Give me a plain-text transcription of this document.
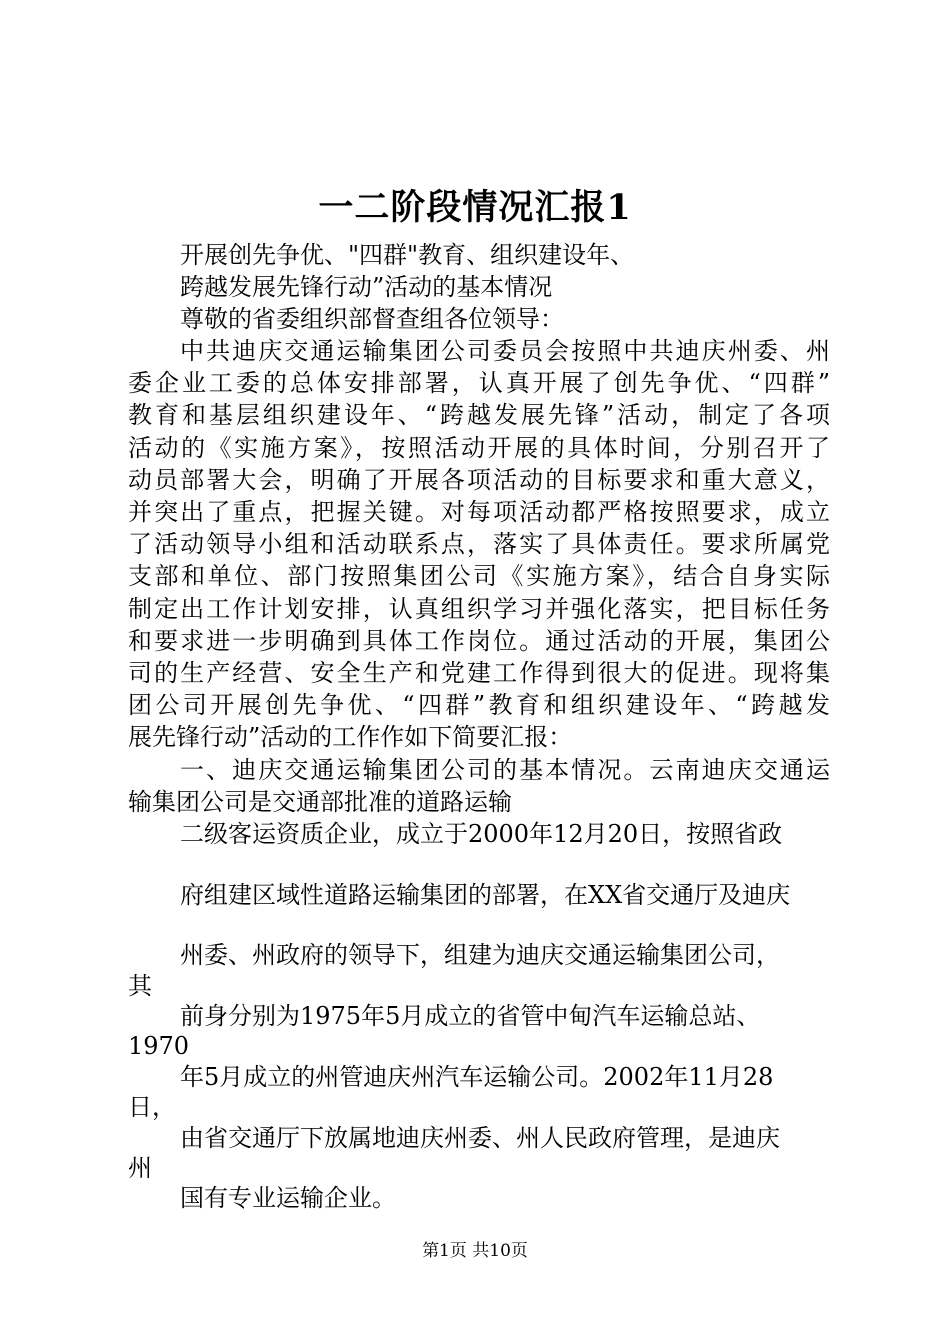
一二阶段情况汇报1
开展创先争优、"四群"教育、组织建设年、
跨越发展先锋行动”活动的基本情况
尊敬的省委组织部督查组各位领导：
中共迪庆交通运输集团公司委员会按照中共迪庆州委、州
委企业工委的总体安排部署，认真开展了创先争优、“四群”
教育和基层组织建设年、“跨越发展先锋”活动，制定了各项
活动的《实施方案》，按照活动开展的具体时间，分别召开了
动员部署大会，明确了开展各项活动的目标要求和重大意义，
并突出了重点，把握关键。对每项活动都严格按照要求，成立
了活动领导小组和活动联系点，落实了具体责任。要求所属党
支部和单位、部门按照集团公司《实施方案》，结合自身实际
制定出工作计划安排，认真组织学习并强化落实，把目标任务
和要求进一步明确到具体工作岗位。通过活动的开展，集团公
司的生产经营、安全生产和党建工作得到很大的促进。现将集
团公司开展创先争优、“四群”教育和组织建设年、“跨越发
展先锋行动”活动的工作作如下简要汇报：
一、迪庆交通运输集团公司的基本情况。云南迪庆交通运
输集团公司是交通部批准的道路运输
二级客运资质企业，成立于2000年12月20日，按照省政
府组建区域性道路运输集团的部署，在XX省交通厅及迪庆
州委、州政府的领导下，组建为迪庆交通运输集团公司，
其
前身分别为1975年5月成立的省管中甸汽车运输总站、
1970
年5月成立的州管迪庆州汽车运输公司。2002年11月28
日，
由省交通厅下放属地迪庆州委、州人民政府管理，是迪庆
州
国有专业运输企业。
第1页 共10页
